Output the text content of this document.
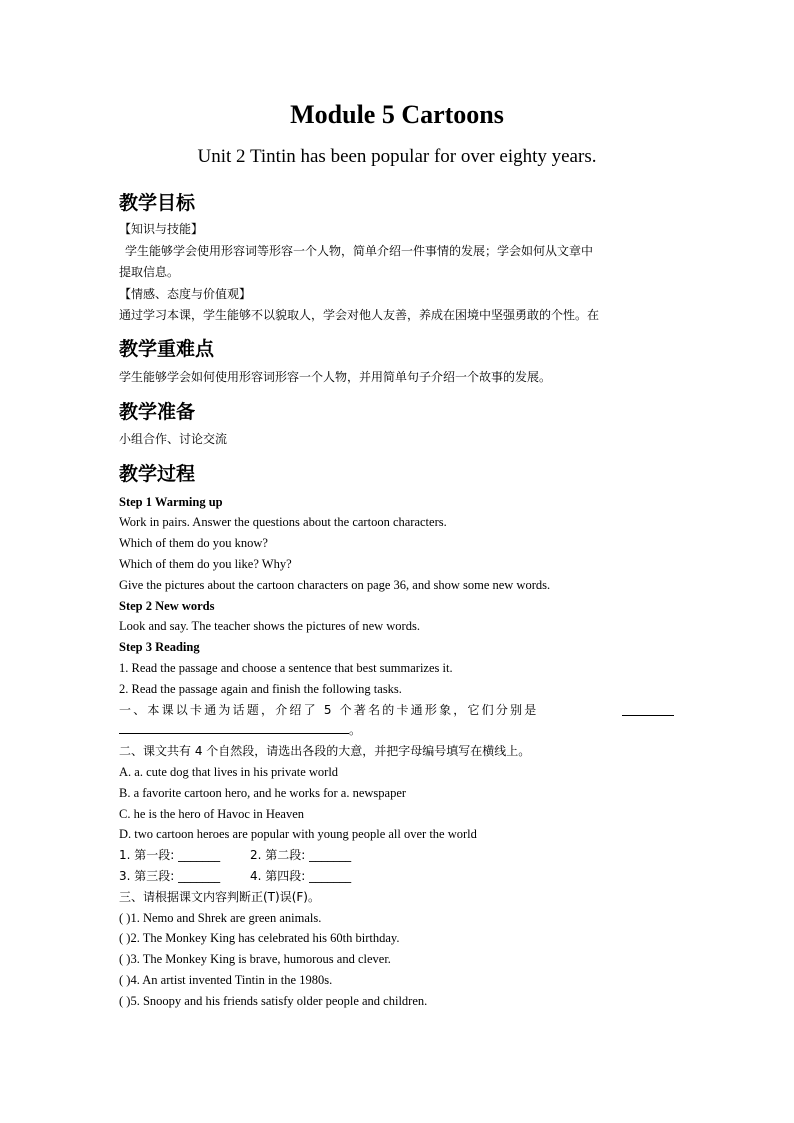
Module 5 Cartoons
Unit 2 Tintin has been popular for over eighty years.
教学目标
【知识与技能】
学生能够学会使用形容词等形容一个人物，简单介绍一件事情的发展；学会如何从文章中
提取信息。
【情感、态度与价值观】
通过学习本课，学生能够不以貌取人，学会对他人友善，养成在困境中坚强勇敢的个性。在
教学重难点
学生能够学会如何使用形容词形容一个人物，并用简单句子介绍一个故事的发展。
教学准备
小组合作、讨论交流
教学过程
Step 1 Warming up
Work in pairs. Answer the questions about the cartoon characters.
Which of them do you know?
Which of them do you like? Why?
Give the pictures about the cartoon characters on page 36, and show some new words.
Step 2 New words
Look and say. The teacher shows the pictures of new words.
Step 3 Reading
1. Read the passage and choose a sentence that best summarizes it.
2. Read the passage again and finish the following tasks.
一、本课以卡通为话题，介绍了 5 个著名的卡通形象，它们分别是
。
二、课文共有 4 个自然段，请选出各段的大意，并把字母编号填写在横线上。
A. a. cute dog that lives in his private world
B. a favorite cartoon hero, and he works for a. newspaper
C. he is the hero of Havoc in Heaven
D. two cartoon heroes are popular with young people all over the world
1. 第一段: _______ 2. 第二段: _______
3. 第三段: _______ 4. 第四段: _______
三、请根据课文内容判断正(T)误(F)。
( )1. Nemo and Shrek are green animals.
( )2. The Monkey King has celebrated his 60th birthday.
( )3. The Monkey King is brave, humorous and clever.
( )4. An artist invented Tintin in the 1980s.
( )5. Snoopy and his friends satisfy older people and children.
